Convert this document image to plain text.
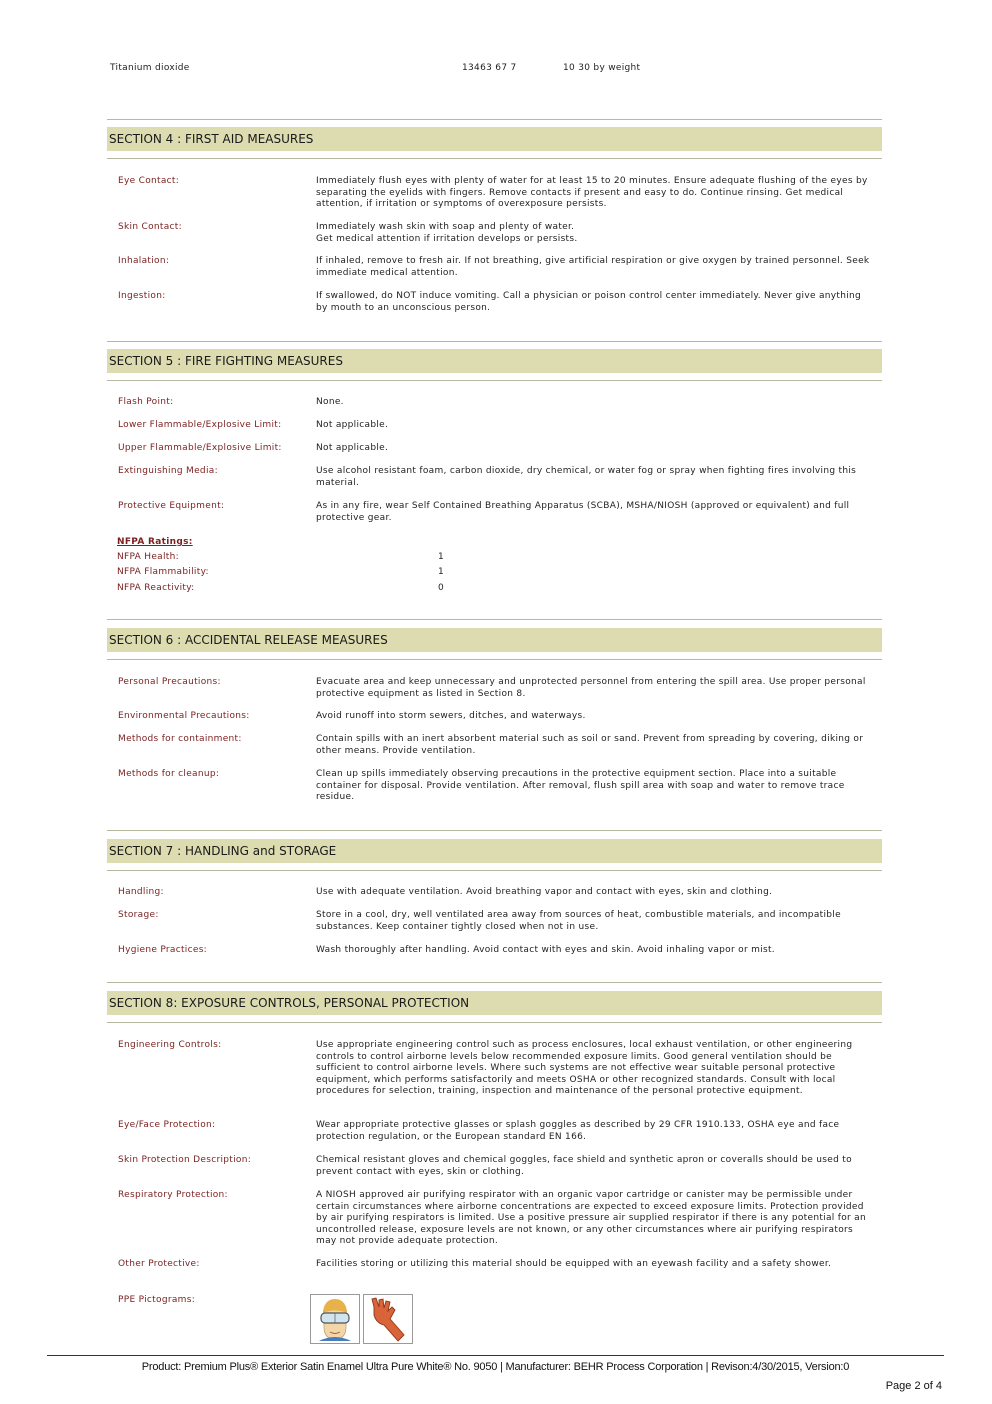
Titanium dioxide	13463 67 7	10 30 by weight
SECTION 4 : FIRST AID MEASURES
Eye Contact:	Immediately flush eyes with plenty of water for at least 15 to 20 minutes. Ensure adequate flushing of the eyes by separating the eyelids with fingers. Remove contacts if present and easy to do. Continue rinsing. Get medical attention, if irritation or symptoms of overexposure persists.
Skin Contact:	Immediately wash skin with soap and plenty of water.
Get medical attention if irritation develops or persists.
Inhalation:	If inhaled, remove to fresh air. If not breathing, give artificial respiration or give oxygen by trained personnel. Seek immediate medical attention.
Ingestion:	If swallowed, do NOT induce vomiting. Call a physician or poison control center immediately. Never give anything by mouth to an unconscious person.
SECTION 5 : FIRE FIGHTING MEASURES
Flash Point:	None.
Lower Flammable/Explosive Limit:	Not applicable.
Upper Flammable/Explosive Limit:	Not applicable.
Extinguishing Media:	Use alcohol resistant foam, carbon dioxide, dry chemical, or water fog or spray when fighting fires involving this material.
Protective Equipment:	As in any fire, wear Self Contained Breathing Apparatus (SCBA), MSHA/NIOSH (approved or equivalent) and full protective gear.
NFPA Ratings:
NFPA Health:	1
NFPA Flammability:	1
NFPA Reactivity:	0
SECTION 6 : ACCIDENTAL RELEASE MEASURES
Personal Precautions:	Evacuate area and keep unnecessary and unprotected personnel from entering the spill area. Use proper personal protective equipment as listed in Section 8.
Environmental Precautions:	Avoid runoff into storm sewers, ditches, and waterways.
Methods for containment:	Contain spills with an inert absorbent material such as soil or sand. Prevent from spreading by covering, diking or other means. Provide ventilation.
Methods for cleanup:	Clean up spills immediately observing precautions in the protective equipment section. Place into a suitable container for disposal. Provide ventilation. After removal, flush spill area with soap and water to remove trace residue.
SECTION 7 : HANDLING and STORAGE
Handling:	Use with adequate ventilation. Avoid breathing vapor and contact with eyes, skin and clothing.
Storage:	Store in a cool, dry, well ventilated area away from sources of heat, combustible materials, and incompatible substances. Keep container tightly closed when not in use.
Hygiene Practices:	Wash thoroughly after handling. Avoid contact with eyes and skin. Avoid inhaling vapor or mist.
SECTION 8: EXPOSURE CONTROLS, PERSONAL PROTECTION
Engineering Controls:	Use appropriate engineering control such as process enclosures, local exhaust ventilation, or other engineering controls to control airborne levels below recommended exposure limits. Good general ventilation should be sufficient to control airborne levels. Where such systems are not effective wear suitable personal protective equipment, which performs satisfactorily and meets OSHA or other recognized standards. Consult with local procedures for selection, training, inspection and maintenance of the personal protective equipment.
Eye/Face Protection:	Wear appropriate protective glasses or splash goggles as described by 29 CFR 1910.133, OSHA eye and face protection regulation, or the European standard EN 166.
Skin Protection Description:	Chemical resistant gloves and chemical goggles, face shield and synthetic apron or coveralls should be used to prevent contact with eyes, skin or clothing.
Respiratory Protection:	A NIOSH approved air purifying respirator with an organic vapor cartridge or canister may be permissible under certain circumstances where airborne concentrations are expected to exceed exposure limits. Protection provided by air purifying respirators is limited. Use a positive pressure air supplied respirator if there is any potential for an uncontrolled release, exposure levels are not known, or any other circumstances where air purifying respirators may not provide adequate protection.
Other Protective:	Facilities storing or utilizing this material should be equipped with an eyewash facility and a safety shower.
PPE Pictograms:
Product: Premium Plus® Exterior Satin Enamel Ultra Pure White® No. 9050 | Manufacturer: BEHR Process Corporation | Revison:4/30/2015, Version:0
Page 2 of 4
